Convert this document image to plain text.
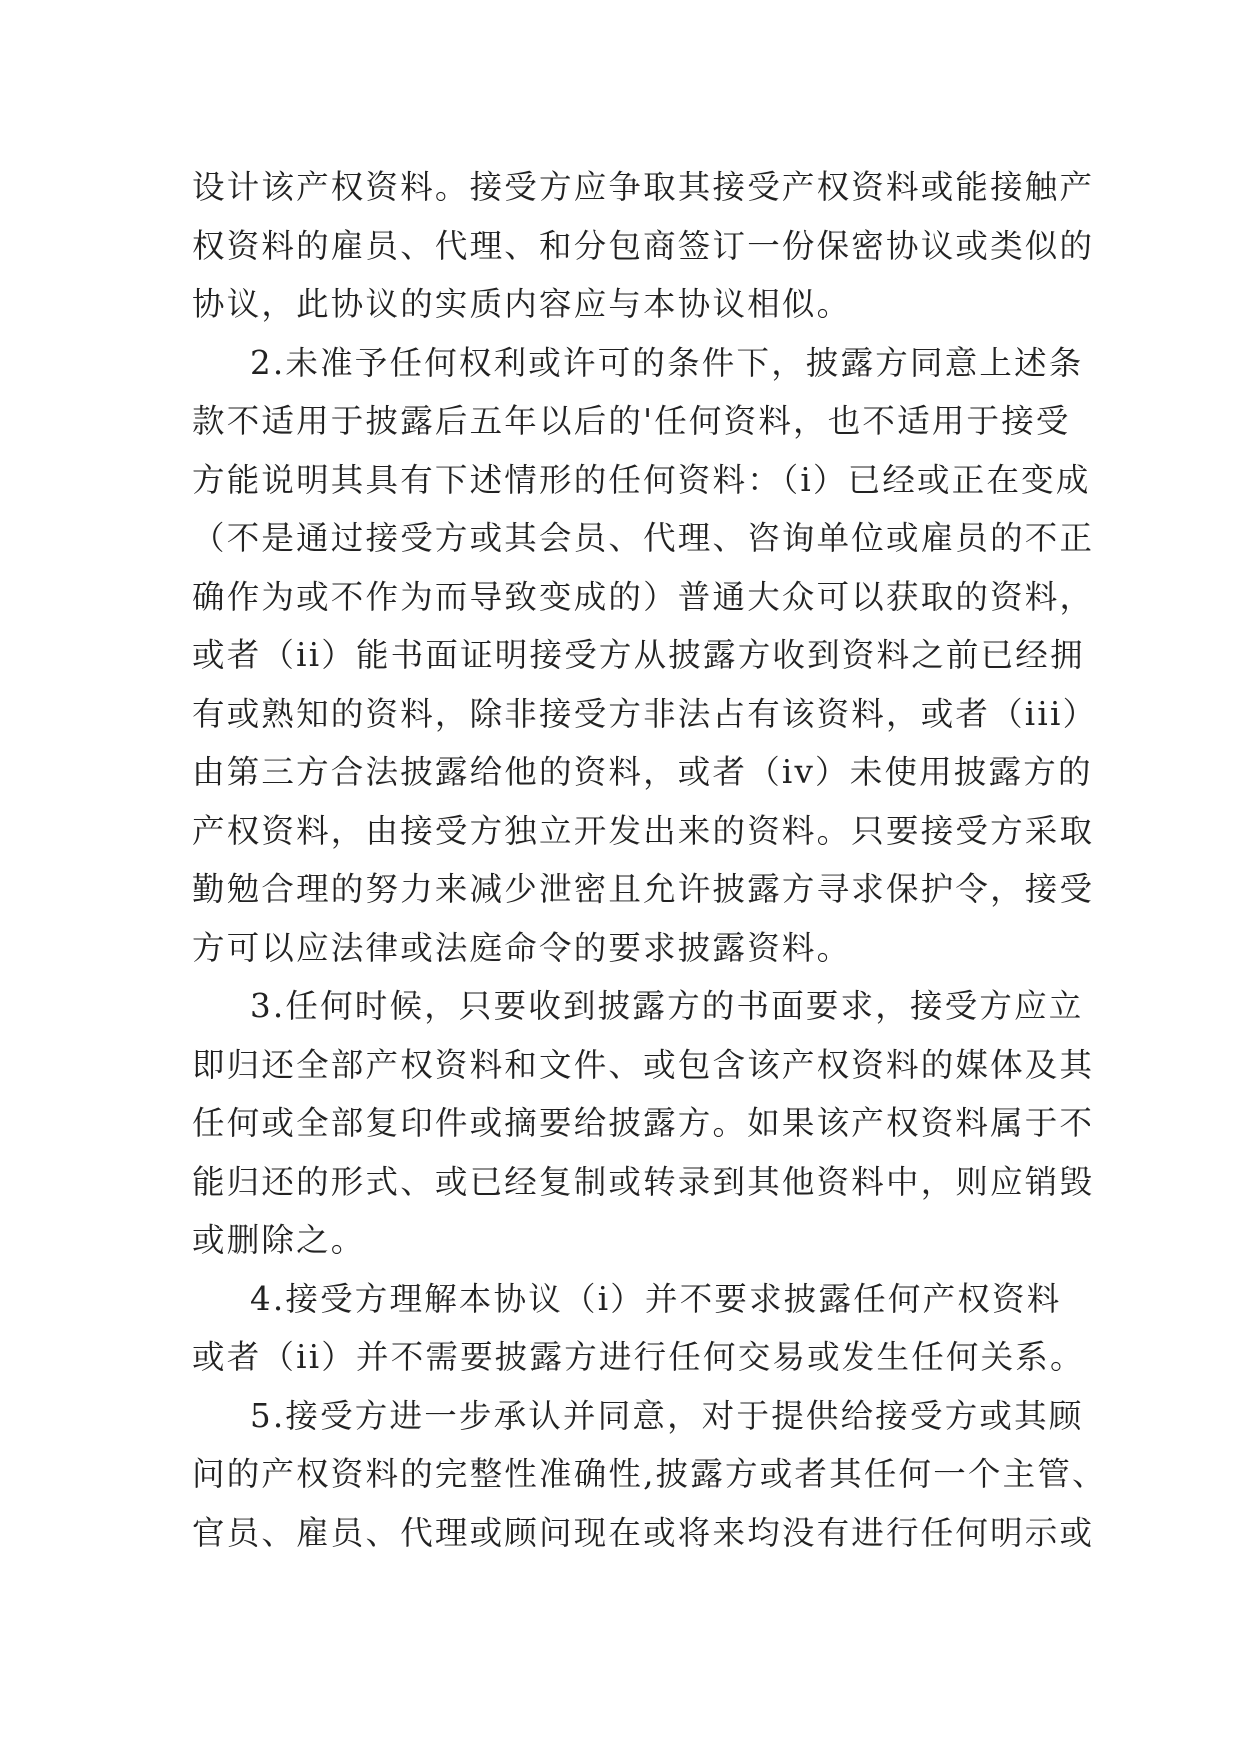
设计该产权资料。接受方应争取其接受产权资料或能接触产
权资料的雇员、代理、和分包商签订一份保密协议或类似的
协议，此协议的实质内容应与本协议相似。
2.未准予任何权利或许可的条件下，披露方同意上述条
款不适用于披露后五年以后的'任何资料，也不适用于接受
方能说明其具有下述情形的任何资料：（i）已经或正在变成
（不是通过接受方或其会员、代理、咨询单位或雇员的不正
确作为或不作为而导致变成的）普通大众可以获取的资料，
或者（ii）能书面证明接受方从披露方收到资料之前已经拥
有或熟知的资料，除非接受方非法占有该资料，或者（iii）
由第三方合法披露给他的资料，或者（iv）未使用披露方的
产权资料，由接受方独立开发出来的资料。只要接受方采取
勤勉合理的努力来减少泄密且允许披露方寻求保护令，接受
方可以应法律或法庭命令的要求披露资料。
3.任何时候，只要收到披露方的书面要求，接受方应立
即归还全部产权资料和文件、或包含该产权资料的媒体及其
任何或全部复印件或摘要给披露方。如果该产权资料属于不
能归还的形式、或已经复制或转录到其他资料中，则应销毁
或删除之。
4.接受方理解本协议（i）并不要求披露任何产权资料
或者（ii）并不需要披露方进行任何交易或发生任何关系。
5.接受方进一步承认并同意，对于提供给接受方或其顾
问的产权资料的完整性准确性,披露方或者其任何一个主管、
官员、雇员、代理或顾问现在或将来均没有进行任何明示或
